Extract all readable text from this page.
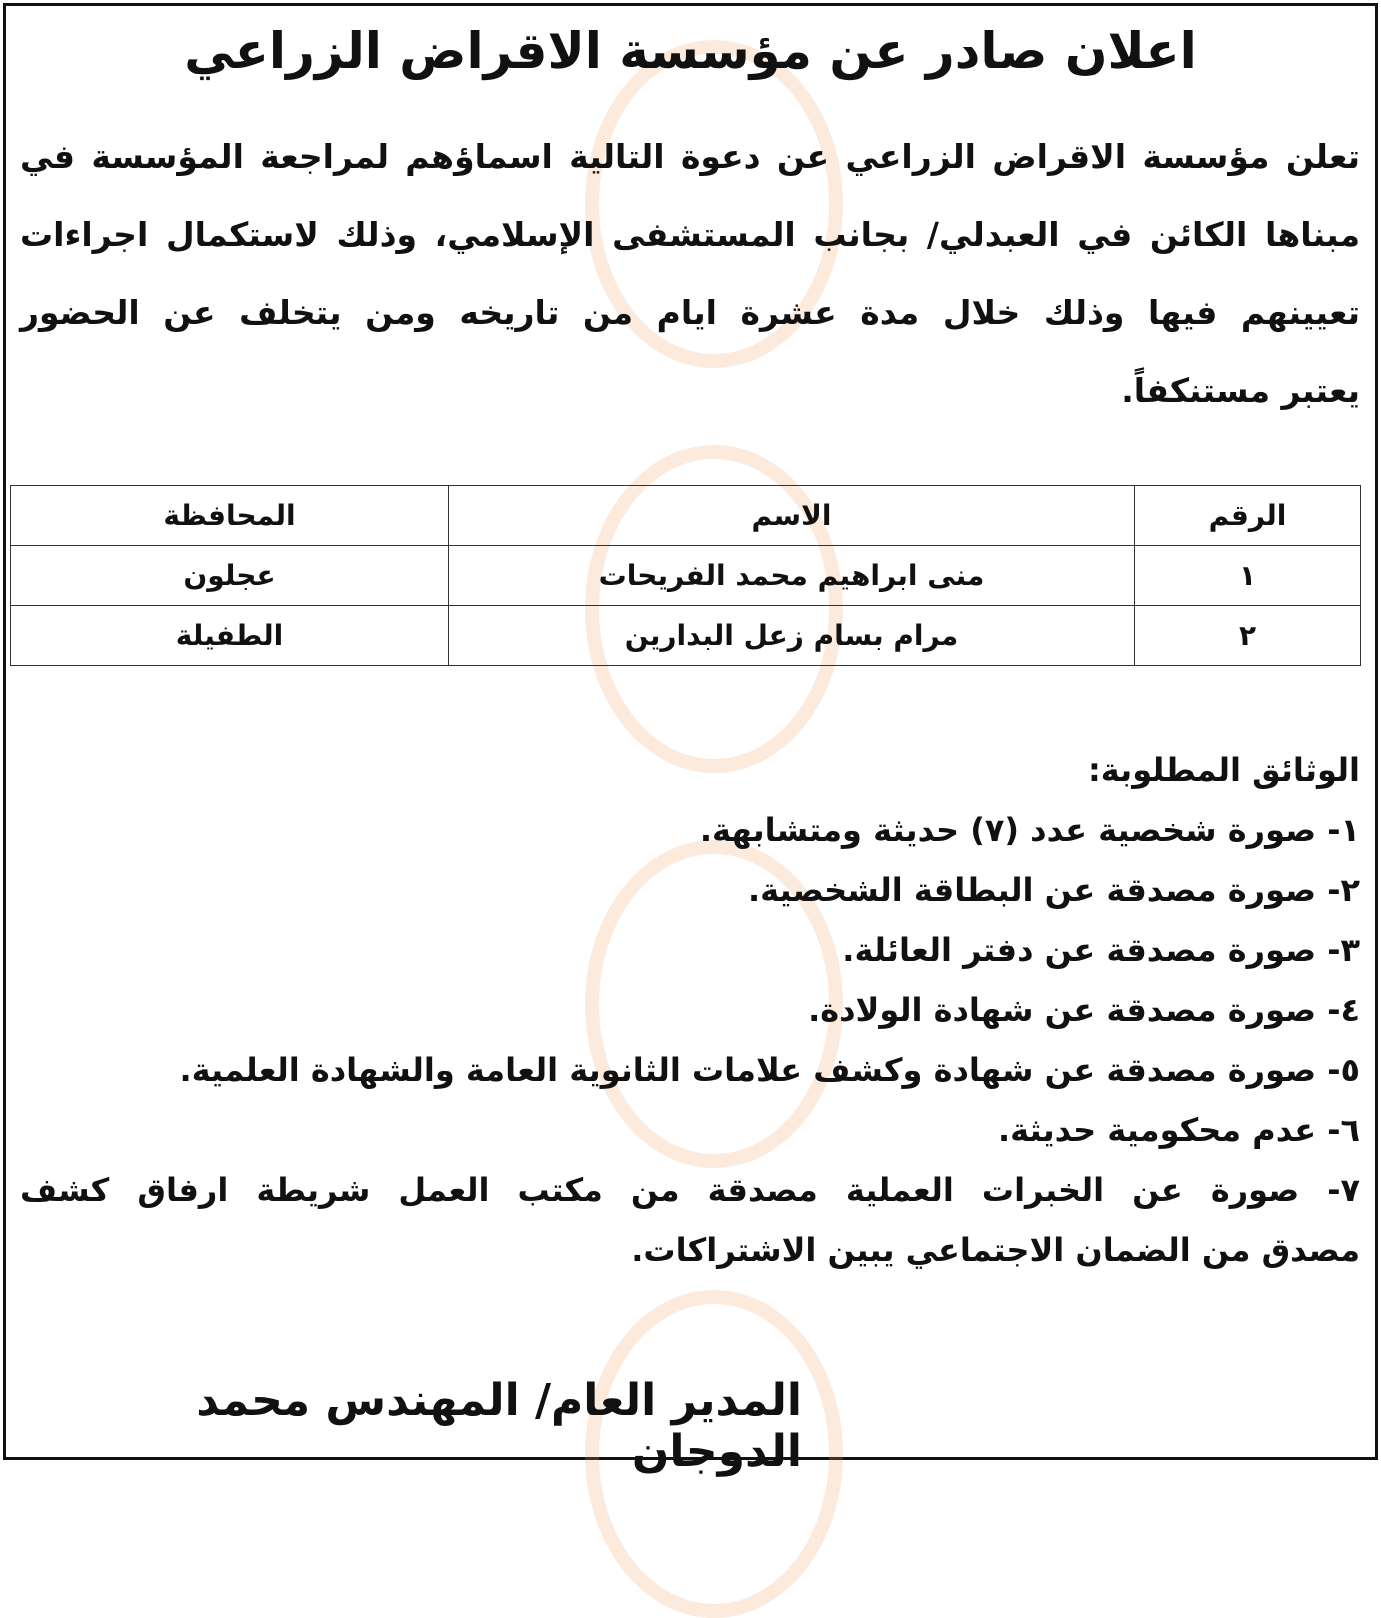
اعلان صادر عن مؤسسة الاقراض الزراعي
تعلن مؤسسة الاقراض الزراعي عن دعوة التالية اسماؤهم لمراجعة المؤسسة في
مبناها الكائن في العبدلي/ بجانب المستشفى الإسلامي، وذلك لاستكمال اجراءات
تعيينهم فيها وذلك خلال مدة عشرة ايام من تاريخه ومن يتخلف عن الحضور
يعتبر مستنكفاً.
الرقم	الاسم	المحافظة
١	منى ابراهيم محمد الفريحات	عجلون
٢	مرام بسام زعل البدارين	الطفيلة
الوثائق المطلوبة:
١- صورة شخصية عدد (٧) حديثة ومتشابهة.
٢- صورة مصدقة عن البطاقة الشخصية.
٣- صورة مصدقة عن دفتر العائلة.
٤- صورة مصدقة عن شهادة الولادة.
٥- صورة مصدقة عن شهادة وكشف علامات الثانوية العامة والشهادة العلمية.
٦- عدم محكومية حديثة.
٧- صورة عن الخبرات العملية مصدقة من مكتب العمل شريطة ارفاق كشف
مصدق من الضمان الاجتماعي يبين الاشتراكات.
المدير العام/ المهندس محمد الدوجان
